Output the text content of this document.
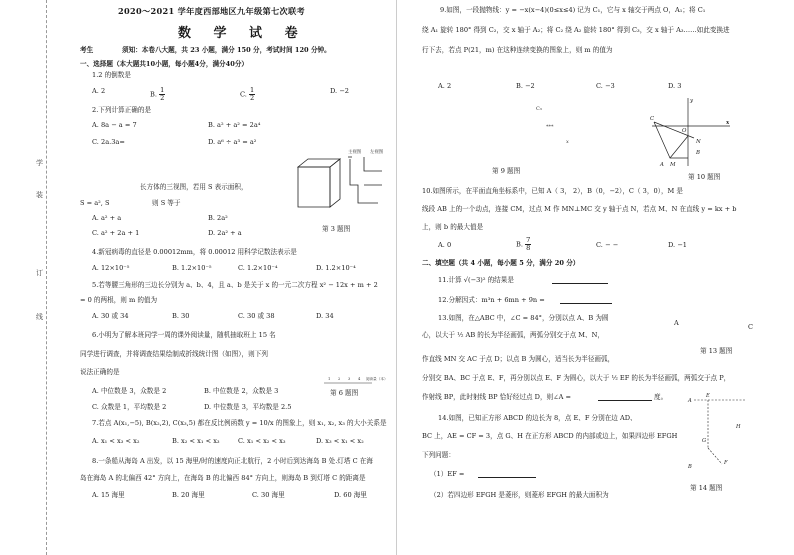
学
装
订
线
2020～2021 学年度西部地区九年级第七次联考
数 学 试 卷
考生	须知：本卷八大题，共 23 小题，满分 150 分，考试时间 120 分钟。
一、选择题（本大题共10小题，每小题4分，满分40分）
1.2 的倒数是
A. 2	B. $\frac{1}{2}$	C. $\frac{1}{2}$	D. −2
2.下列计算正确的是
A. 8a − a = 7	B. a² + a² = 2a⁴
C. 2a.3a=	D. a⁶ ÷ a³ = a²
主视图 左视图
长方体的三视图，若用 S 表示面积，
S = a², S	则 S 等于
A. a² + a	B. 2a²
C. a² + 2a + 1	D. 2a² + a	第 3 题图
4.新冠病毒的直径是 0.00012mm，将 0.00012 用科学记数法表示是
A. 12×10⁻⁵	B. 1.2×10⁻⁵	C. 1.2×10⁻⁴	D. 1.2×10⁻⁴
5.若等腰三角形的三边长分别为 a、b、4，且 a、b 是关于 x 的一元二次方程 x² − 12x + m + 2
= 0 的两根，则 m 的值为
A. 30 或 34	B. 30	C. 30 或 38	D. 34
6.小明为了解本班同学一周的课外阅读量，随机抽取班上 15 名
同学进行调查，并将调查结果绘制成折线统计图（如图），则下列
说法正确的是
1 2 3 4 阅读量（本）
A. 中位数是 3，众数是 2	B. 中位数是 2，众数是 3	第 6 题图
C. 众数是 1，平均数是 2	D. 中位数是 3，平均数是 2.5
7.若点 A(x₁,−5), B(x₂,2), C(x₃,5) 都在反比例函数 y = 10/x 的图象上，则 x₁, x₂, x₃ 的大小关系是
A. x₁ < x₃ < x₂	B. x₂ < x₁ < x₃	C. x₁ < x₂ < x₃	D. x₃ < x₁ < x₂
8.一条船从海岛 A 出发，以 15 海里/时的速度向正北航行，2 小时后到达海岛 B 处.灯塔 C 在海
岛在海岛 A 的北偏西 42° 方向上，在海岛 B 的北偏西 84° 方向上，则海岛 B 到灯塔 C 的距离是
A. 15 海里	B. 20 海里	C. 30 海里	D. 60 海里
9.如图，一段抛物线：y = −x(x−4)(0≤x≤4) 记为 C₁，它与 x 轴交于两点 O，A₁；将 C₁
绕 A₁ 旋转 180° 得到 C₂，交 x 轴于 A₂；将 C₂ 绕 A₂ 旋转 180° 得到 C₃，交 x 轴于 A₃……如此变换进
行下去，若点 P(21，m) 在这种连续变换的图象上，则 m 的值为
A. 2	B. −2	C. −3	D. 3
C₃
***
x
第 9 题图
y
x
C
O
N
B
A M
第 10 题图
10.如图所示，在平面直角坐标系中，已知 A（ 3， 2），B（0，−2），C（ 3，0），M 是
线段 AB 上的一个动点，连接 CM，过点 M 作 MN⊥MC 交 y 轴于点 N，若点 M、N 在直线 y = kx + b
上，则 b 的最大值是
A. 0	B. $\frac{7}{8}$	C. − −	D. −1
二、填空题（共 4 小题，每小题 5 分，满分 20 分）
11.计算 √(−3)² 的结果是
12.分解因式：m³n + 6mn + 9n =
13.如图，在△ABC 中，∠C = 84°，分别以点 A、B 为圆
心，以大于 ½ AB 的长为半径画弧，两弧分别交于点 M、N，
A	C
第 13 题图
作直线 MN 交 AC 于点 D；以点 B 为圆心，适当长为半径画弧，
分别交 BA、BC 于点 E、F，再分别以点 E、F 为圆心，以大于 ½ EF 的长为半径画弧，两弧交于点 P，
作射线 BP，此时射线 BP 恰好经过点 D，则∠A =	度。	A
E
H
G
F
B
14.如图，已知正方形 ABCD 的边长为 8，点 E、F 分别在边 AD、
BC 上，AE = CF = 3，点 G、H 在正方形 ABCD 的内部或边上，如果四边形 EFGH
下列问题：
第 14 题图
（1）EF =
（2）若四边形 EFGH 是菱形，则菱形 EFGH 的最大面积为
